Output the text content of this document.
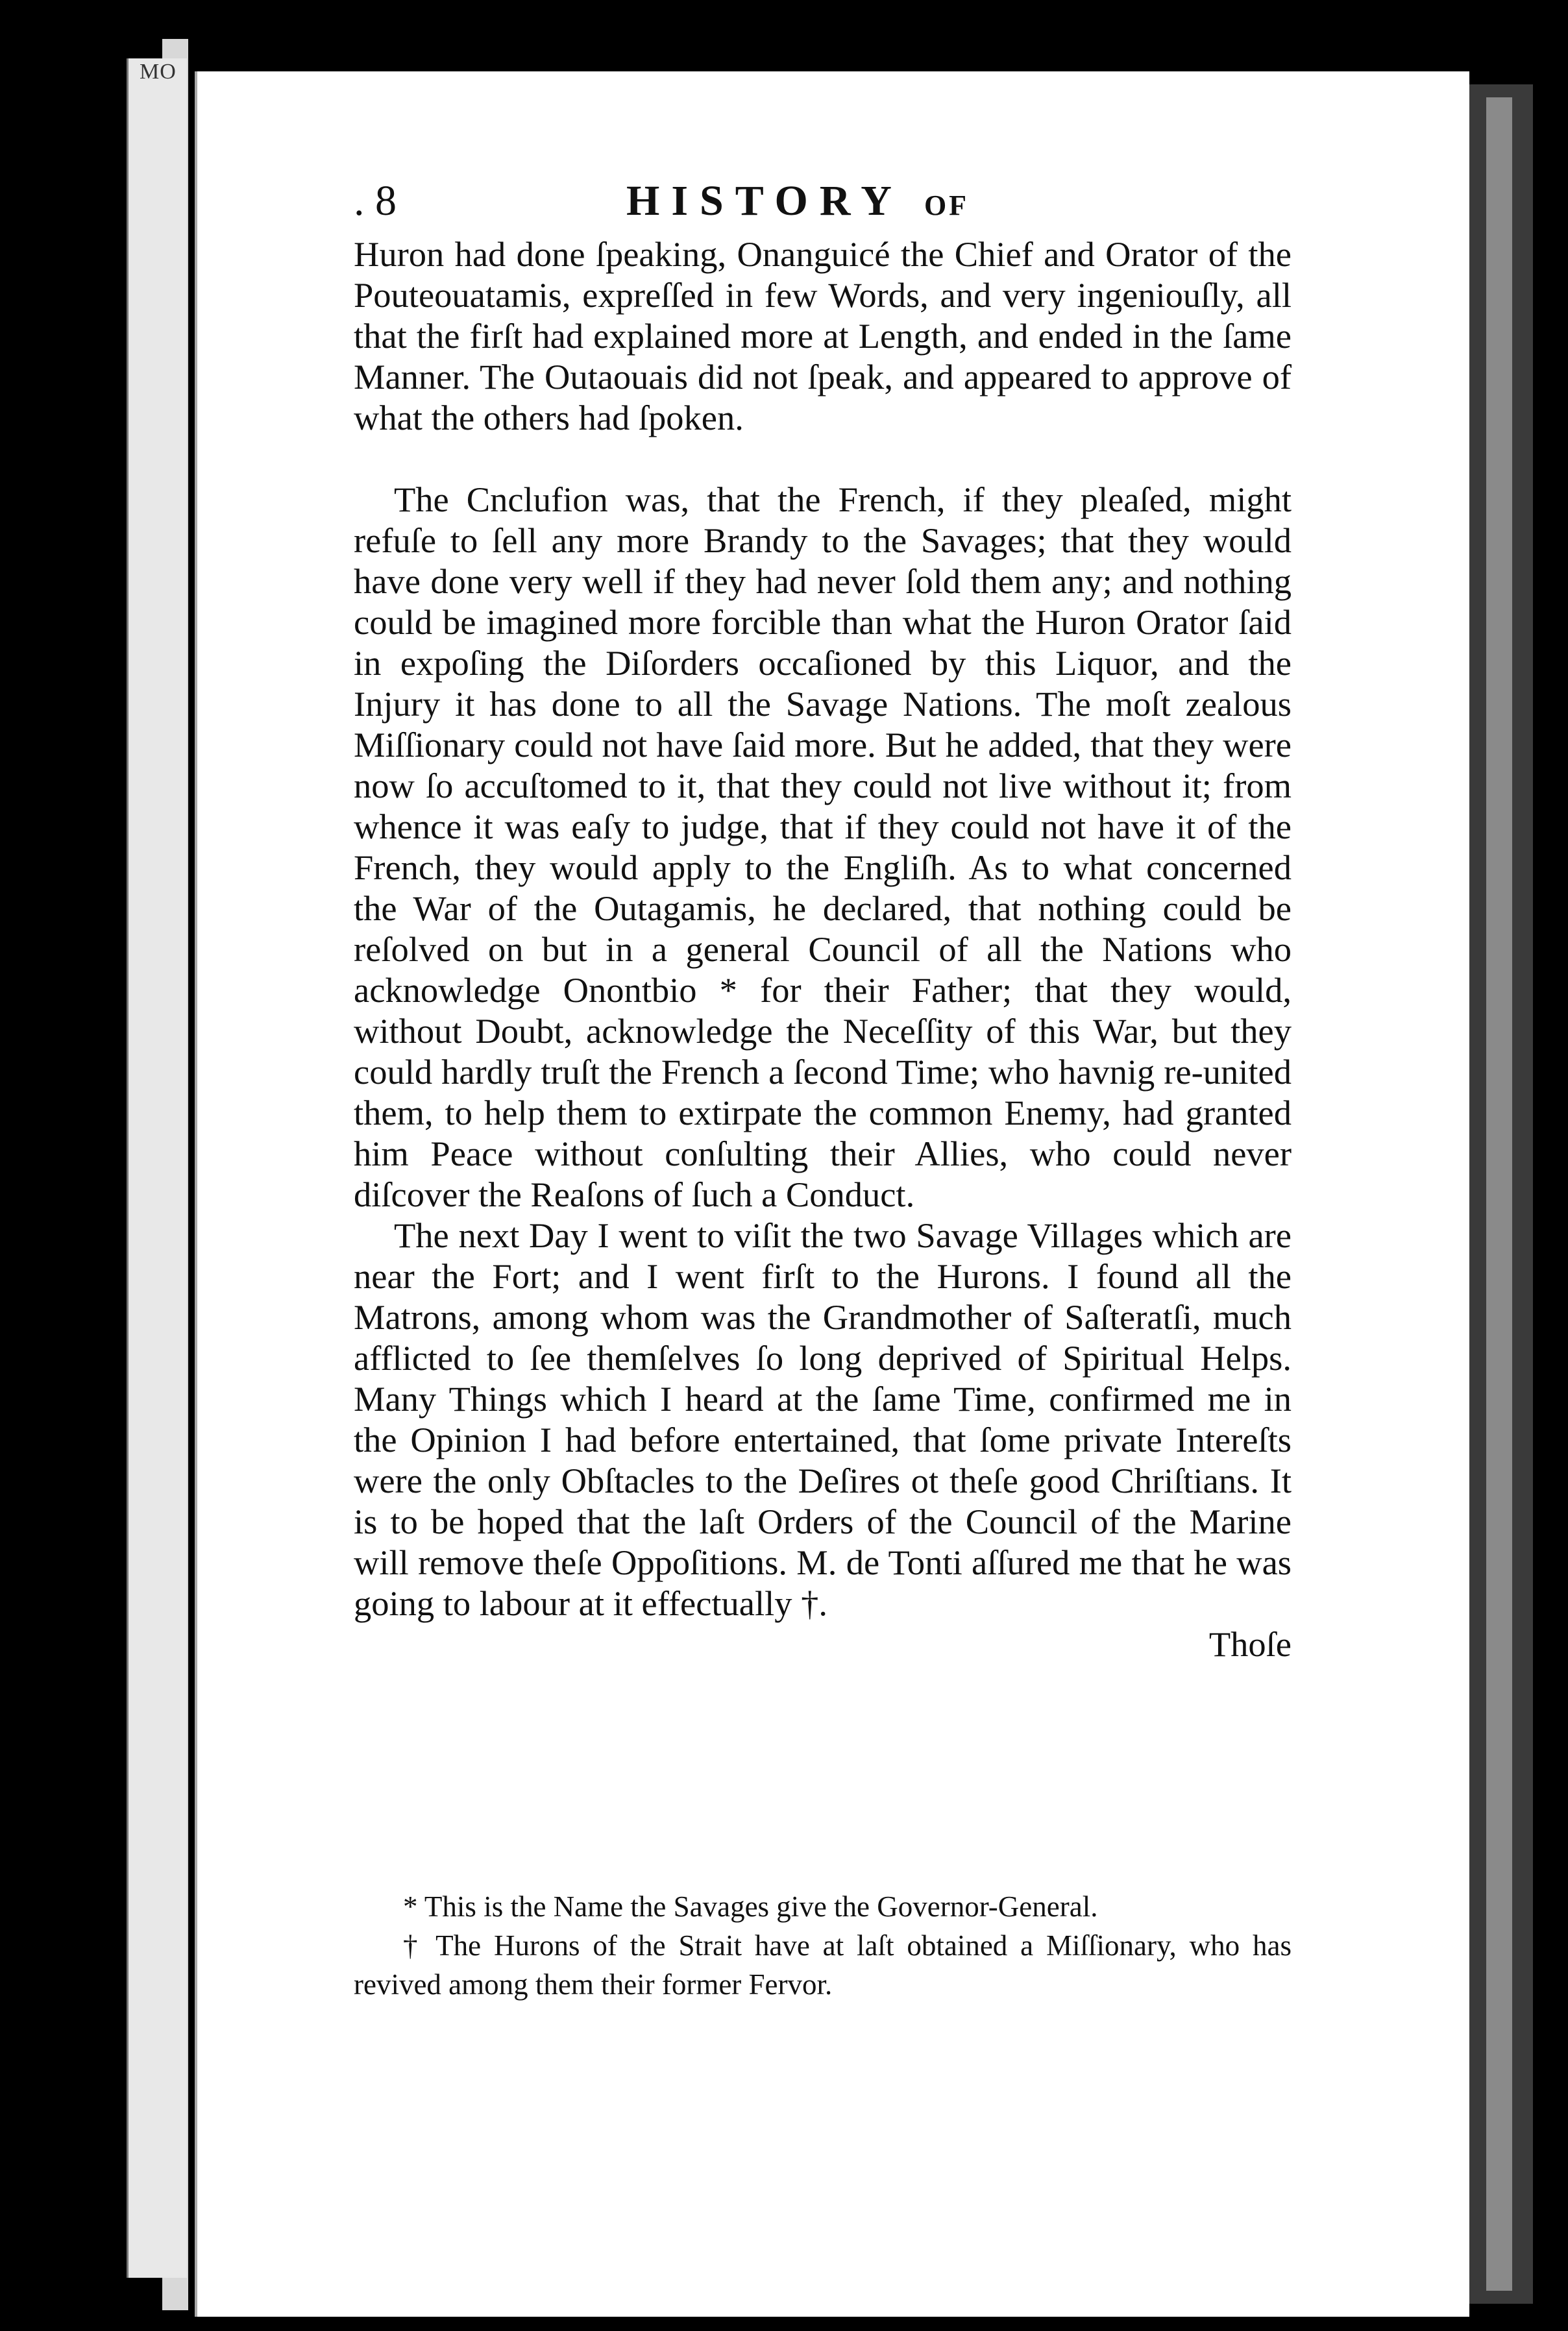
MO
. 8	HISTORY OF

Huron had done ſpeaking, Onanguicé the Chief and Orator of the Pouteouatamis, expreſſed in few Words, and very ingeniouſly, all that the firſt had explained more at Length, and ended in the ſame Manner. The Outaouais did not ſpeak, and appeared to approve of what the others had ſpoken.

The Cnclufion was, that the French, if they pleaſed, might refuſe to ſell any more Brandy to the Savages; that they would have done very well if they had never ſold them any; and nothing could be imagined more forcible than what the Huron Orator ſaid in expoſing the Diſorders occaſioned by this Liquor, and the Injury it has done to all the Savage Nations. The moſt zealous Miſſionary could not have ſaid more. But he added, that they were now ſo accuſtomed to it, that they could not live without it; from whence it was eaſy to judge, that if they could not have it of the French, they would apply to the Engliſh. As to what concerned the War of the Outagamis, he declared, that nothing could be reſolved on but in a general Council of all the Nations who acknowledge Onontbio * for their Father; that they would, without Doubt, acknowledge the Neceſſity of this War, but they could hardly truſt the French a ſecond Time; who havnig re-united them, to help them to extirpate the common Enemy, had granted him Peace without conſulting their Allies, who could never diſcover the Reaſons of ſuch a Conduct.

The next Day I went to viſit the two Savage Villages which are near the Fort; and I went firſt to the Hurons. I found all the Matrons, among whom was the Grandmother of Saſteratſi, much afflicted to ſee themſelves ſo long deprived of Spiritual Helps. Many Things which I heard at the ſame Time, confirmed me in the Opinion I had before entertained, that ſome private Intereſts were the only Obſtacles to the Deſires ot theſe good Chriſtians. It is to be hoped that the laſt Orders of the Council of the Marine will remove theſe Oppoſitions. M. de Tonti aſſured me that he was going to labour at it effectually †.

Thoſe

* This is the Name the Savages give the Governor-General.

† The Hurons of the Strait have at laſt obtained a Miſſionary, who has revived among them their former Fervor.
